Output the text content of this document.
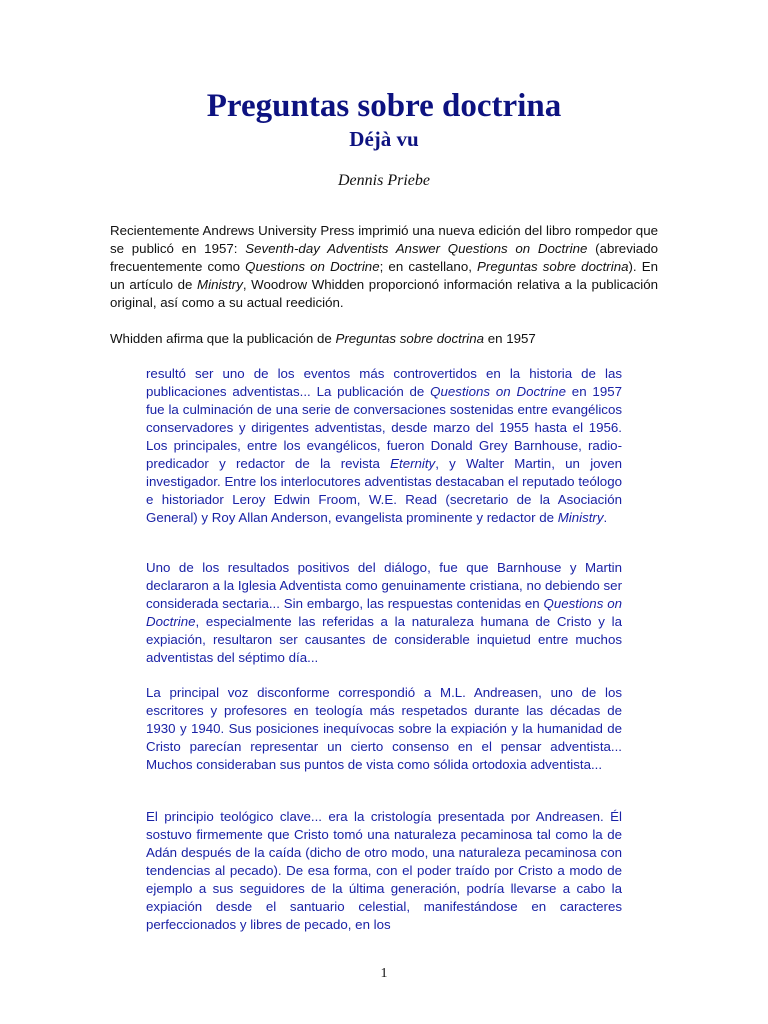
Preguntas sobre doctrina
Déjà vu

Dennis Priebe

Recientemente Andrews University Press imprimió una nueva edición del libro rompedor que se publicó en 1957: Seventh-day Adventists Answer Questions on Doctrine (abreviado frecuentemente como Questions on Doctrine; en castellano, Preguntas sobre doctrina). En un artículo de Ministry, Woodrow Whidden proporcionó información relativa a la publicación original, así como a su actual reedición.

Whidden afirma que la publicación de Preguntas sobre doctrina en 1957

resultó ser uno de los eventos más controvertidos en la historia de las publicaciones adventistas... La publicación de Questions on Doctrine en 1957 fue la culminación de una serie de conversaciones sostenidas entre evangélicos conservadores y dirigentes adventistas, desde marzo del 1955 hasta el 1956. Los principales, entre los evangélicos, fueron Donald Grey Barnhouse, radio-predicador y redactor de la revista Eternity, y Walter Martin, un joven investigador. Entre los interlocutores adventistas destacaban el reputado teólogo e historiador Leroy Edwin Froom, W.E. Read (secretario de la Asociación General) y Roy Allan Anderson, evangelista prominente y redactor de Ministry.

Uno de los resultados positivos del diálogo, fue que Barnhouse y Martin declararon a la Iglesia Adventista como genuinamente cristiana, no debiendo ser considerada sectaria... Sin embargo, las respuestas contenidas en Questions on Doctrine, especialmente las referidas a la naturaleza humana de Cristo y la expiación, resultaron ser causantes de considerable inquietud entre muchos adventistas del séptimo día...

La principal voz disconforme correspondió a M.L. Andreasen, uno de los escritores y profesores en teología más respetados durante las décadas de 1930 y 1940. Sus posiciones inequívocas sobre la expiación y la humanidad de Cristo parecían representar un cierto consenso en el pensar adventista... Muchos consideraban sus puntos de vista como sólida ortodoxia adventista...

El principio teológico clave... era la cristología presentada por Andreasen. Él sostuvo firmemente que Cristo tomó una naturaleza pecaminosa tal como la de Adán después de la caída (dicho de otro modo, una naturaleza pecaminosa con tendencias al pecado). De esa forma, con el poder traído por Cristo a modo de ejemplo a sus seguidores de la última generación, podría llevarse a cabo la expiación desde el santuario celestial, manifestándose en caracteres perfeccionados y libres de pecado, en los

1
